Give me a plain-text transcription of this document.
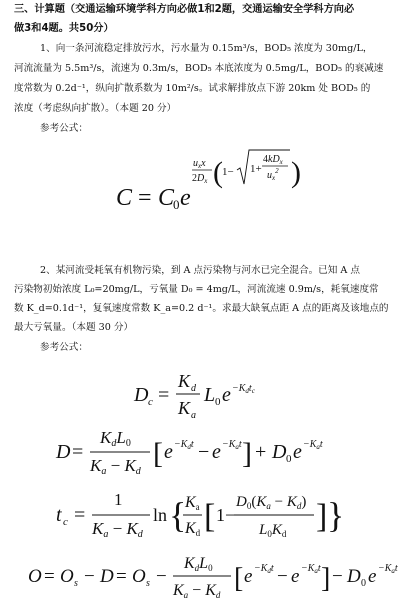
三、计算题（交通运输环境学科方向必做1和2题，交通运输安全学科方向必
做3和4题。共50分）
1、向一条河流稳定排放污水，污水量为 0.15m³/s，BOD₅ 浓度为 30mg/L，
河流流量为 5.5m³/s，流速为 0.3m/s，BOD₅ 本底浓度为 0.5mg/L，BOD₅ 的衰减速
度常数为 0.2d⁻¹，纵向扩散系数为 10m²/s。试求解排放点下游 20km 处 BOD₅ 的
浓度（考虑纵向扩散）。（本题 20 分）
参考公式：
C = C
0 e
$u_xx$
$2D_x$ ( 1− 1+
$4kD_x$
$u_x^2$ )
2、某河流受耗氧有机物污染，到 A 点污染物与河水已完全混合。已知 A 点
污染物初始浓度 L₀=20mg/L，亏氧量 D₀ = 4mg/L，河流流速 0.9m/s，耗氧速度常
数 K_d=0.1d⁻¹，复氧速度常数 K_a=0.2 d⁻¹。求最大缺氧点距 A 点的距离及该地点的
最大亏氧量。（本题 30 分）
参考公式：
D c =
K d
K a
L 0 $e -K_dt_c$
D =
KdL0
Ka − Kd
[ $e -K_dt - e -K_at$ ] + D 0 $e -K_at$
t c =
1
Ka − Kd
ln {
Ka
Kd [ 1−
$D_0(K_a - K_d)$
$L_0K_d$ ] }
O = O s − D = O s −
KdL0
Ka − Kd
[ $e -K_dt - e -K_at$ ] − D 0 $e -K_at$
